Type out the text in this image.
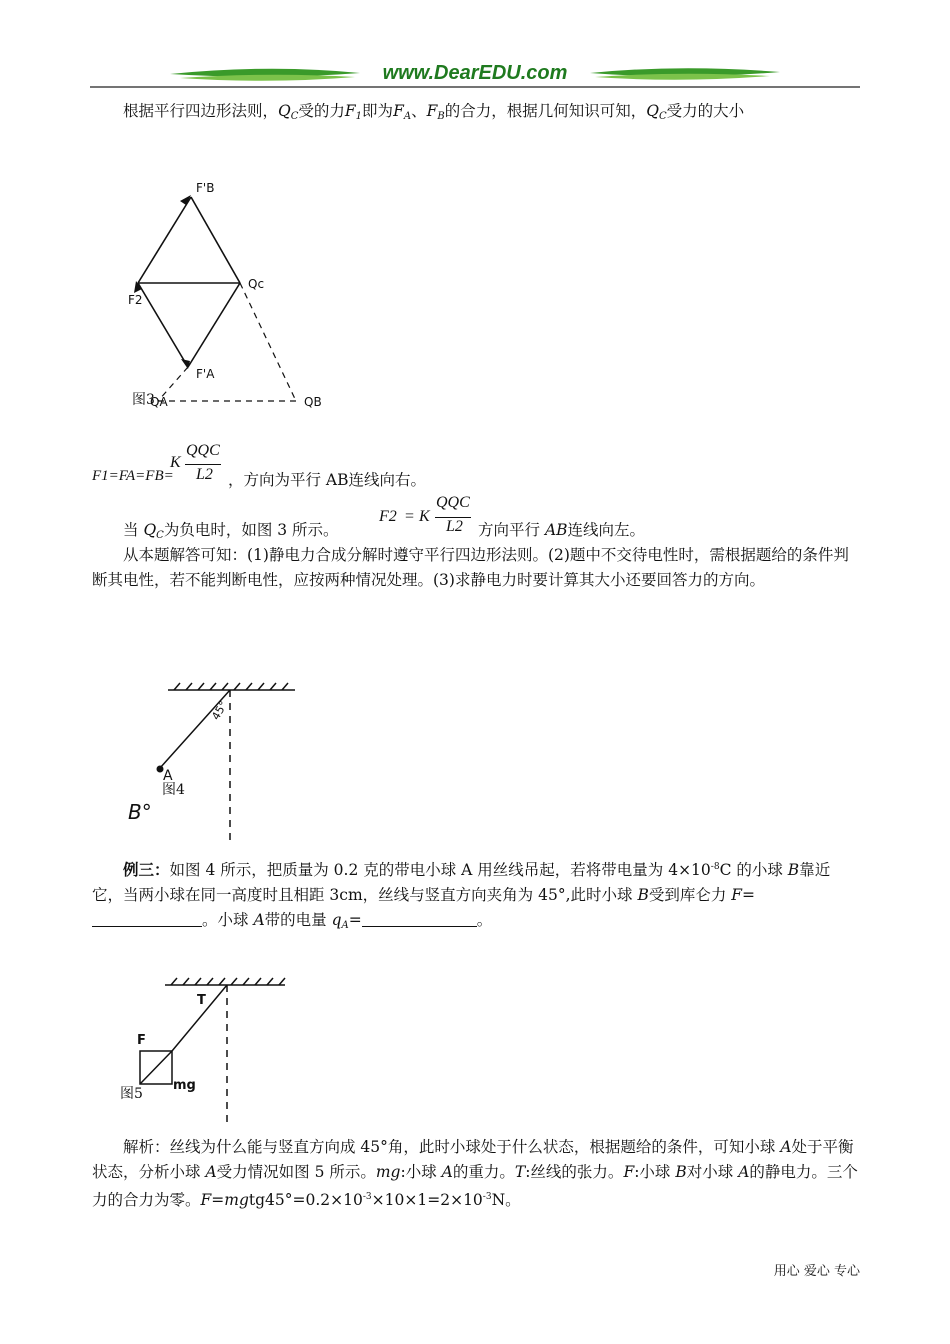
www.DearEDU.com
根据平行四边形法则，$Q_C$受的力$F_1$即为$F_A$、$F_B$的合力，根据几何知识可知，$Q_C$受力的大小
F'B
Qc
F2
F'A
QA	QB
图3
F1=FA=FB=
K
QQC
L2 ，方向为平行 AB连线向右。
当 $Q_C$为负电时，如图 3 所示。
F2 = K
QQC
L2 方向平行 AB连线向左。
从本题解答可知：(1)静电力合成分解时遵守平行四边形法则。(2)题中不交待电性时，需根据题给的条件判断其电性，若不能判断电性，应按两种情况处理。(3)求静电力时要计算其大小还要回答力的方向。
45°
A
B°
图4
例三：如图 4 所示，把质量为 0.2 克的带电小球 A 用丝线吊起，若将带电量为 $4\times 10^{-8}C$ 的小球 B靠近它，当两小球在同一高度时且相距 3cm，丝线与竖直方向夹角为 45°,此时小球 B受到库仑力 F=。小球 A带的电量 $q_A=$	。
T
F
mg
图5
解析：丝线为什么能与竖直方向成 45°角，此时小球处于什么状态，根据题给的条件，可知小球 A处于平衡状态，分析小球 A受力情况如图 5 所示。mg:小球 A的重力。T:丝线的张力。F:小球 B对小球 A的静电力。三个力的合力为零。$F=mgtg45^\circ=0.2\times 10^{-3}\times 10\times 1=2\times 10^{-3}N$。
用心 爱心 专心
